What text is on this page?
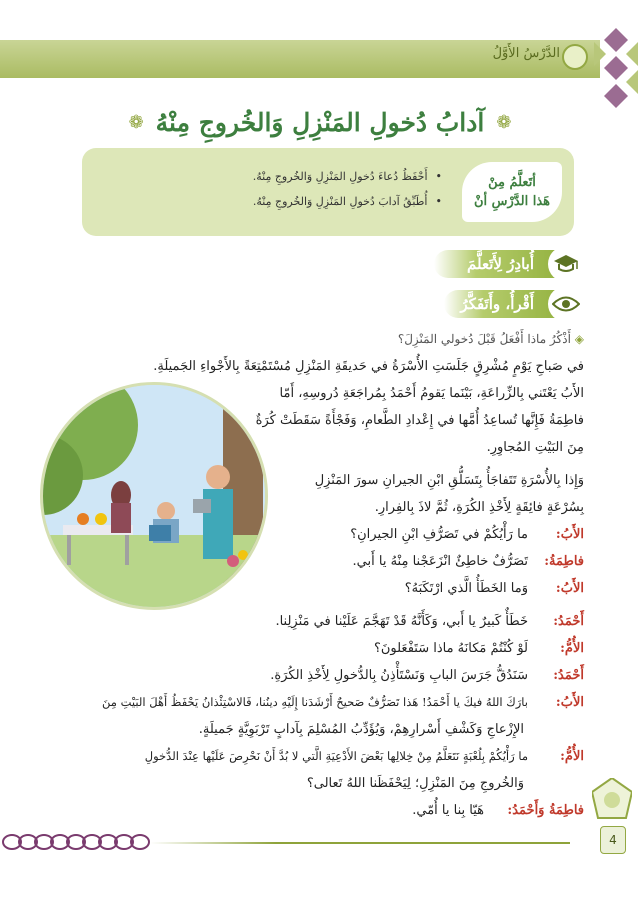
الدَّرْسُ الأَوَّلُ
❁
آدابُ دُخولِ المَنْزِلِ وَالخُروجِ مِنْهُ
❁
أتَعلَّمُ مِنْ
هَذا الدَّرْسِ أنْ
• أَحْفَظُ دُعاءَ دُخولِ المَنْزِلِ وَالخُروجِ مِنْهُ.
• أُطَبِّقُ آدابَ دُخولِ المَنْزِلِ وَالخُروجِ مِنْهُ.
أُبادِرُ لِأَتَعلَّمَ
أَقْرأُ، وأَتَفَكَّرُ
◈ أَذْكُرُ ماذا أَفْعَلُ قَبْلَ دُخولي المَنْزِلَ؟
في صَباحِ يَوْمٍ مُشْرِقٍ جَلَسَتِ الأُسْرَةُ في حَديقَةِ المَنْزِلِ مُسْتَمْتِعَةً بِالأَجْواءِ الجَميلَةِ.
الأَبُ يَعْتَني بِالزِّراعَةِ، بَيْنَما يَقومُ أَحْمَدُ بِمُراجَعَةِ دُروسِهِ، أَمّا
فاطِمَةُ فَإِنَّها تُساعِدُ أُمَّها في إِعْدادِ الطَّعامِ، وَفَجْأَةً سَقَطَتْ كُرَةٌ
مِنَ البَيْتِ المُجاوِرِ.
وَإِذا بِالأُسْرَةِ تَتَفاجَأُ بِتَسَلُّقِ ابْنِ الجيرانِ سورَ المَنْزِلِ
بِسُرْعَةٍ فائِقَةٍ لِأَخْذِ الكُرَةِ، ثُمَّ لاذَ بِالفِرارِ.
الأَبُ:
ما رَأْيُكُمْ في تَصَرُّفِ ابْنِ الجيرانِ؟
فاطِمَةُ:
تَصَرُّفٌ خاطِئٌ انْزَعَجْنا مِنْهُ يا أَبي.
الأَبُ:
وَما الخَطَأُ الَّذي ارْتَكَبَهُ؟
أَحْمَدُ:
خَطَأٌ كَبيرٌ يا أَبي، وَكَأَنَّهُ قَدْ تَهَجَّمَ عَلَيْنا في مَنْزِلِنا.
الأُمُّ:
لَوْ كُنْتُمْ مَكانَهُ ماذا سَتَفْعَلونَ؟
أَحْمَدُ:
سَنَدُقُّ جَرَسَ البابِ وَنَسْتَأْذِنُ بِالدُّخولِ لِأَخْذِ الكُرَةِ.
الأَبُ:
بارَكَ اللهُ فيكَ يا أَحْمَدُ! هَذا تَصَرُّفٌ صَحيحٌ أَرْشَدَنا إِلَيْهِ دينُنا، فَالاسْتِئْذانُ يَحْفَظُ أَهْلَ البَيْتِ مِنَ
الإِزْعاجِ وَكَشْفِ أَسْرارِهِمْ، وَيُؤَدِّبُ المُسْلِمَ بِآدابٍ تَرْبَوِيَّةٍ جَميلَةٍ.
الأُمُّ:
ما رَأْيُكُمْ بِلُعْبَةٍ نَتَعَلَّمُ مِنْ خِلالِها بَعْضَ الأَدْعِيَةِ الَّتي لا بُدَّ أَنْ نَحْرِصَ عَلَيْها عِنْدَ الدُّخولِ
وَالخُروجِ مِنَ المَنْزِلِ؛ لِيَحْفَظَنا اللهُ تَعالى؟
فاطِمَةُ وَأَحْمَدُ:
هَيّا بِنا يا أُمّي.
4
